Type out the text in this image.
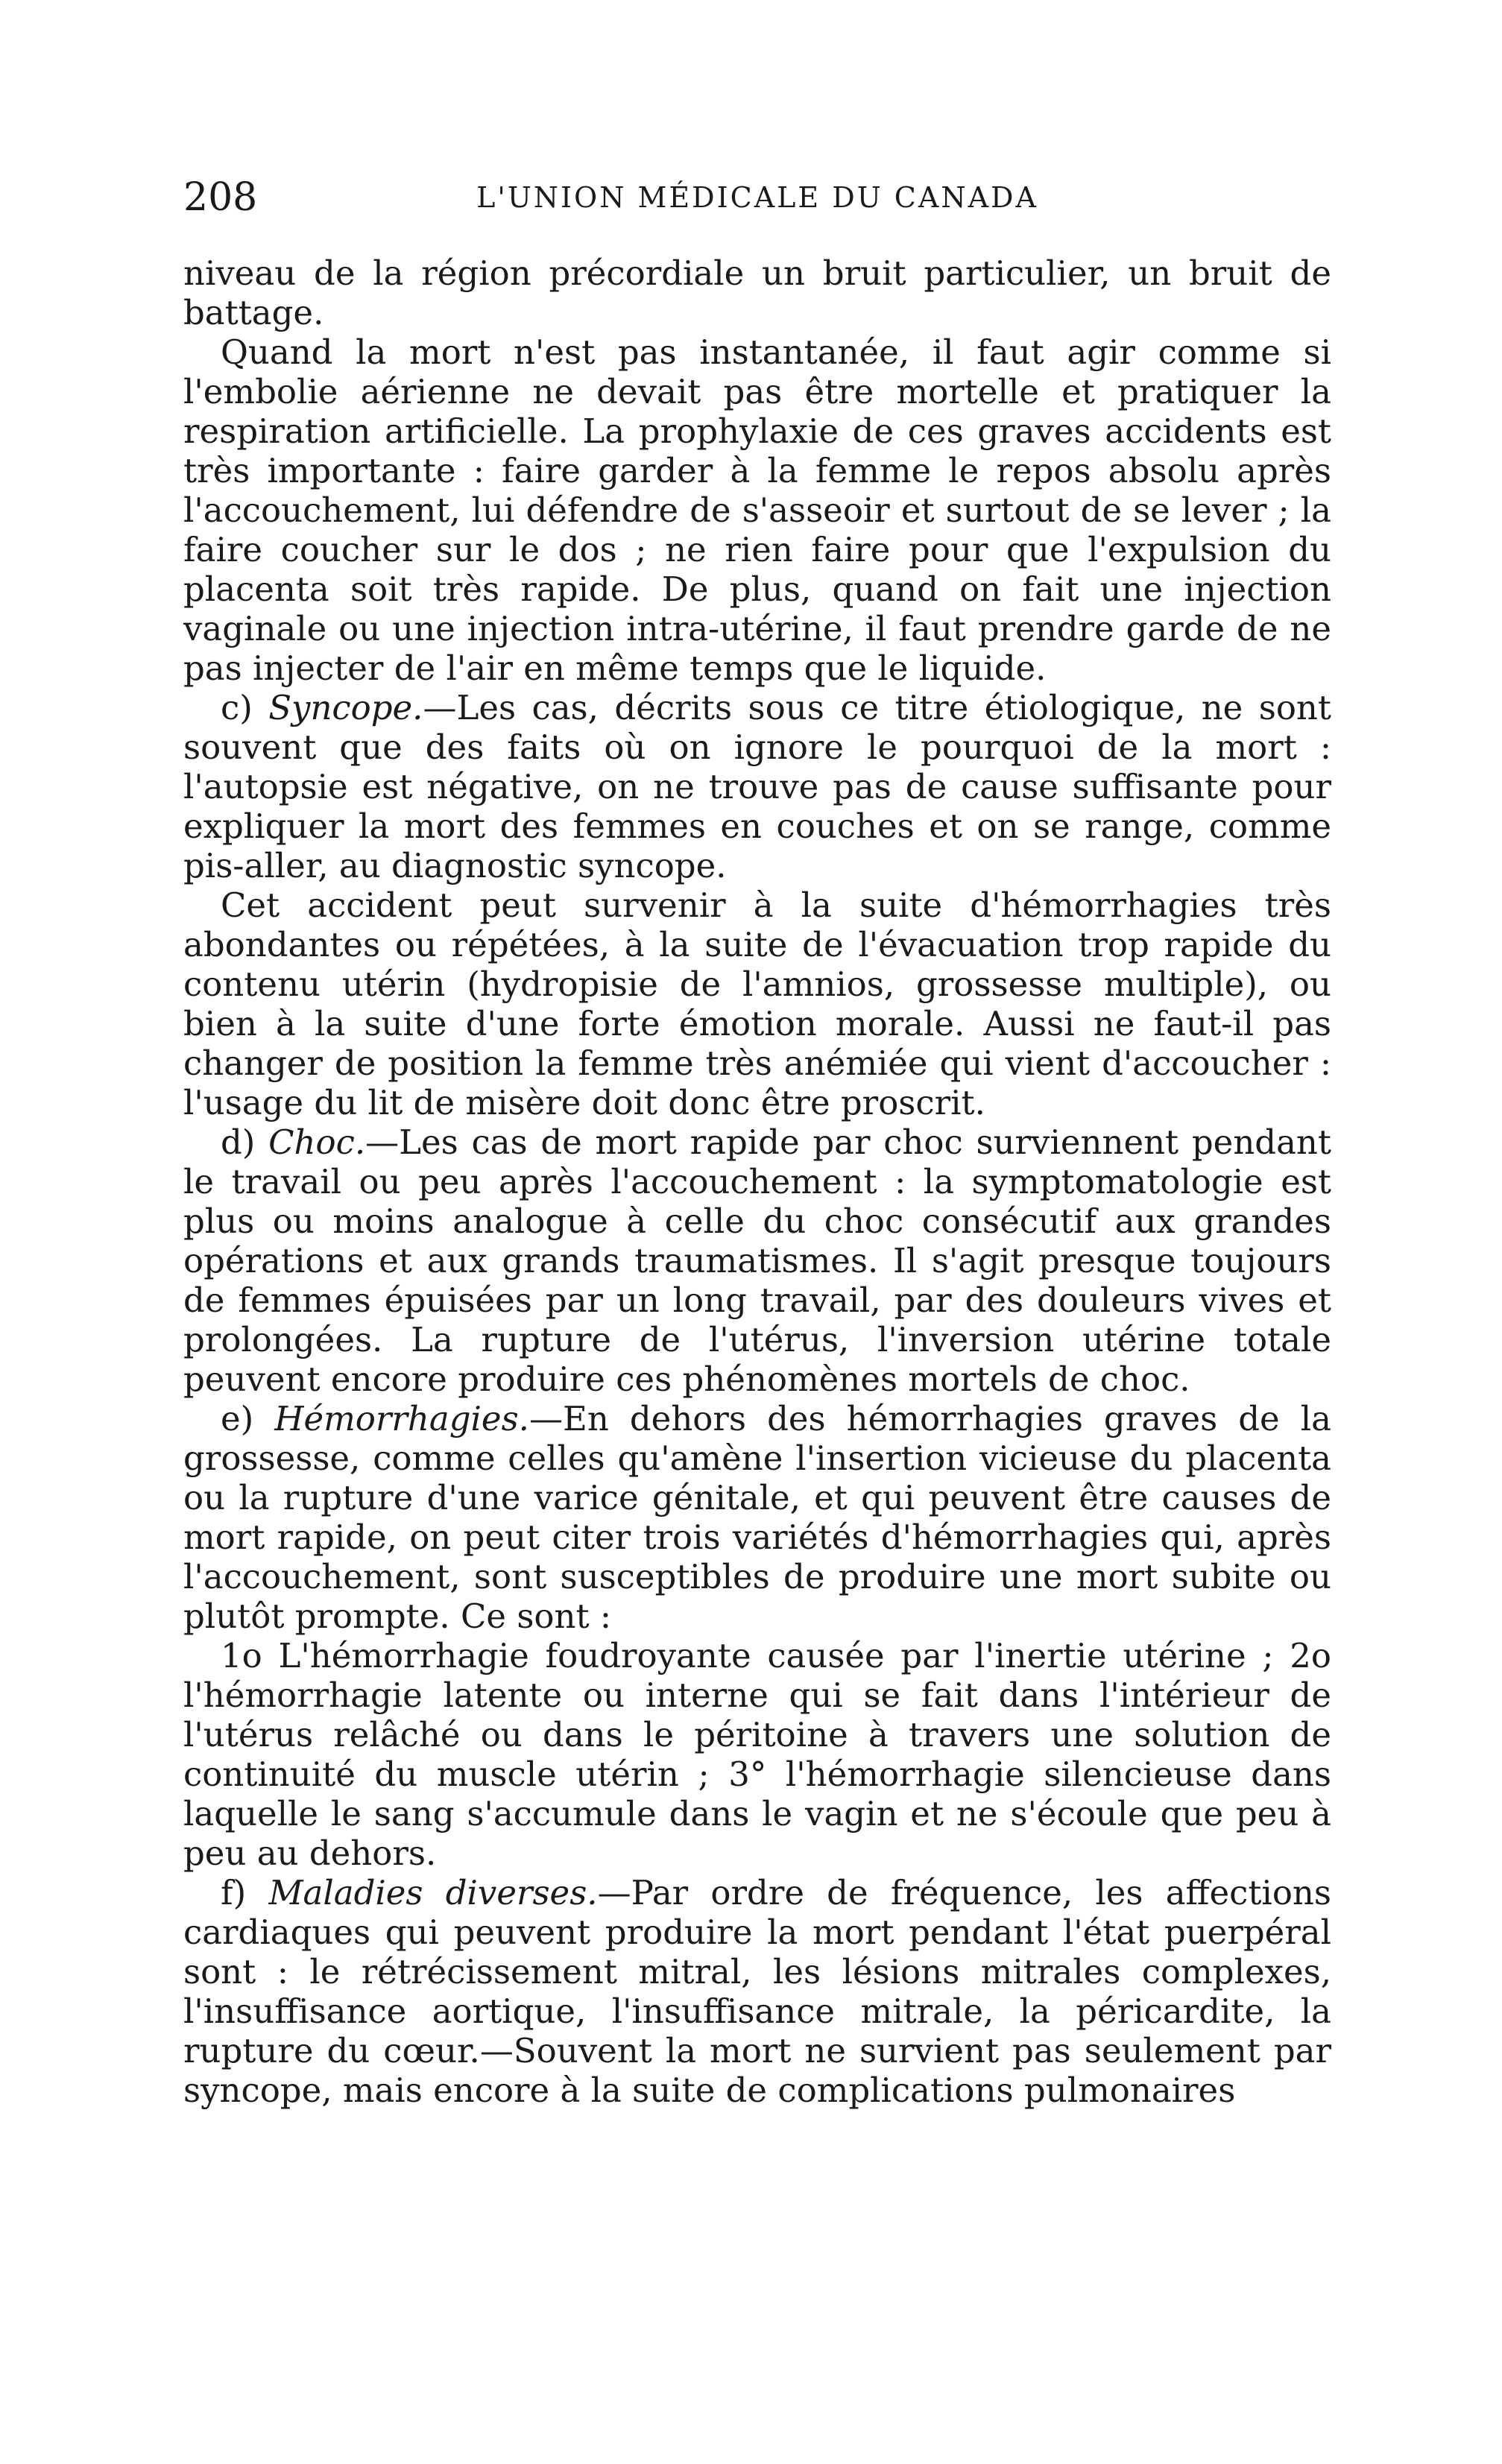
208	L'UNION MÉDICALE DU CANADA

niveau de la région précordiale un bruit particulier, un bruit de battage.

Quand la mort n'est pas instantanée, il faut agir comme si l'embolie aérienne ne devait pas être mortelle et pratiquer la respiration artificielle. La prophylaxie de ces graves accidents est très importante : faire garder à la femme le repos absolu après l'accouchement, lui défendre de s'asseoir et surtout de se lever ; la faire coucher sur le dos ; ne rien faire pour que l'expulsion du placenta soit très rapide. De plus, quand on fait une injection vaginale ou une injection intra-utérine, il faut prendre garde de ne pas injecter de l'air en même temps que le liquide.

c) Syncope.—Les cas, décrits sous ce titre étiologique, ne sont souvent que des faits où on ignore le pourquoi de la mort : l'autopsie est négative, on ne trouve pas de cause suffisante pour expliquer la mort des femmes en couches et on se range, comme pis-aller, au diagnostic syncope.

Cet accident peut survenir à la suite d'hémorrhagies très abondantes ou répétées, à la suite de l'évacuation trop rapide du contenu utérin (hydropisie de l'amnios, grossesse multiple), ou bien à la suite d'une forte émotion morale. Aussi ne faut-il pas changer de position la femme très anémiée qui vient d'accoucher : l'usage du lit de misère doit donc être proscrit.

d) Choc.—Les cas de mort rapide par choc surviennent pendant le travail ou peu après l'accouchement : la symptomatologie est plus ou moins analogue à celle du choc consécutif aux grandes opérations et aux grands traumatismes. Il s'agit presque toujours de femmes épuisées par un long travail, par des douleurs vives et prolongées. La rupture de l'utérus, l'inversion utérine totale peuvent encore produire ces phénomènes mortels de choc.

e) Hémorrhagies.—En dehors des hémorrhagies graves de la grossesse, comme celles qu'amène l'insertion vicieuse du placenta ou la rupture d'une varice génitale, et qui peuvent être causes de mort rapide, on peut citer trois variétés d'hémorrhagies qui, après l'accouchement, sont susceptibles de produire une mort subite ou plutôt prompte. Ce sont :

1o L'hémorrhagie foudroyante causée par l'inertie utérine ; 2o l'hémorrhagie latente ou interne qui se fait dans l'intérieur de l'utérus relâché ou dans le péritoine à travers une solution de continuité du muscle utérin ; 3° l'hémorrhagie silencieuse dans laquelle le sang s'accumule dans le vagin et ne s'écoule que peu à peu au dehors.

f) Maladies diverses.—Par ordre de fréquence, les affections cardiaques qui peuvent produire la mort pendant l'état puerpéral sont : le rétrécissement mitral, les lésions mitrales complexes, l'insuffisance aortique, l'insuffisance mitrale, la péricardite, la rupture du cœur.—Souvent la mort ne survient pas seulement par syncope, mais encore à la suite de complications pulmonaires
